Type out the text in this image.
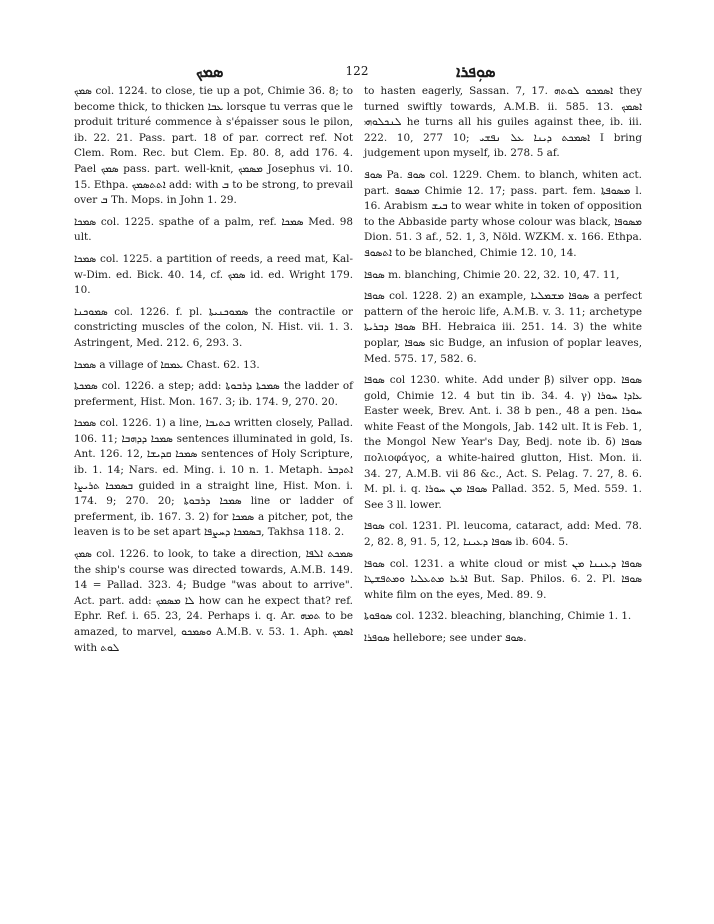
ܣܡܟ	122	ܣܘܼܦܪܐ

ܣܡܟ col. 1224. to close, tie up a pot, Chimie 36. 8; to become thick, to thicken ܥܒܐ lorsque tu verras que le produit trituré commence à s'épaisser sous le pilon, ib. 22. 21. Pass. part. 18 of par. correct ref. Not Clem. Rom. Rec. but Clem. Ep. 80. 8, add 176. 4. Pael ܣܡܟ pass. part. well-knit, ܡܣܡܟ Josephus vi. 10. 15. Ethpa. ܐܬܬܣܡܟ add: with ܒ to be strong, to prevail over ܒ Th. Mops. in John 1. 29.

ܣܡܟܐ col. 1225. spathe of a palm, ref. ܣܡܟܐ Med. 98 ult.

ܣܡܟܐ col. 1225. a partition of reeds, a reed mat, Kal-w-Dim. ed. Bick. 40. 14, cf. ܣܡܟ id. ed. Wright 179. 10.

ܣܡܘܟܢܐ col. 1226. f. pl. ܣܡܘܟܢܝܬܐ the contractile or constricting muscles of the colon, N. Hist. vii. 1. 3. Astringent, Med. 212. 6, 293. 3.

ܣܡܟܐ a village of ܥܡܩܐ Chast. 62. 13.

ܣܡܟܬܐ col. 1226. a step; add: ܣܡܟܬܐ ܕܪܒܘܬܐ the ladder of preferment, Hist. Mon. 167. 3; ib. 174. 9, 270. 20.

ܣܡܟܐ col. 1226. 1) a line, ܟܬܝܒܐ written closely, Pallad. 106. 11; ܣܡܟܐ ܕܕܗܒܐ sentences illuminated in gold, Is. Ant. 126. 12, ܣܡܟܐ ܩܕܝܫܐ sentences of Holy Scripture, ib. 1. 14; Nars. ed. Ming. i. 10 n. 1. Metaph. ܐܬܕܒܪ ܒܣܡܟܐ ܬܪܝܨܐ guided in a straight line, Hist. Mon. i. 174. 9; 270. 20; ܣܡܟܐ ܕܪܒܘܬܐ line or ladder of preferment, ib. 167. 3. 2) for ܣܡܟܐ a pitcher, pot, the leaven is to be set apart ܒܣܡܟܐ ܕܚܨܦܐ, Takhsa 118. 2.

ܣܡܟ col. 1226. to look, to take a direction, ܣܡܟܬ ܐܠܦܐ the ship's course was directed towards, A.M.B. 149. 14 = Pallad. 323. 4; Budge "was about to arrive". Act. part. add: ܠܐ ܡܣܡܟ how can he expect that? ref. Ephr. Ref. i. 65. 23, 24. Perhaps i. q. Ar. ܬܡܗ to be amazed, to marvel, ܘܣܡܟܘ A.M.B. v. 53. 1. Aph. ܐܣܡܟ with ܠܘܬ

to hasten eagerly, Sassan. 7, 17. ܐܣܡܟܘ ܠܘܬܗ they turned swiftly towards, A.M.B. ii. 585. 13. ܐܣܡܟ ܠܢܟܠܘܗܝ he turns all his guiles against thee, ib. iii. 222. 10, 277 10; ܐܣܡܟܬ ܕܝܢܐ ܥܠ ܢܦܫܝ I bring judgement upon myself, ib. 278. 5 af.

ܣܘܦ Pa. ܣܘܦ col. 1229. Chem. to blanch, whiten act. part. ܡܣܘܦ Chimie 12. 17; pass. part. fem. ܡܣܘܦܬܐ l. 16. Arabism ܒܝܫ to wear white in token of opposition to the Abbaside party whose colour was black, ܡܣܘܦܐ Dion. 51. 3 af., 52. 1, 3, Nöld. WZKM. x. 166. Ethpa. ܐܬܣܘܦ to be blanched, Chimie 12. 10, 14.

ܣܘܦܐ m. blanching, Chimie 20. 22, 32. 10, 47. 11,

ܣܘܦܐ col. 1228. 2) an example, ܣܘܦܐ ܡܫܡܠܝܐ a perfect pattern of the heroic life, A.M.B. v. 3. 11; archetype ܣܘܦܐ ܕܒܪܝܬܐ BH. Hebraica iii. 251. 14. 3) the white poplar, ܣܘܦܐ sic Budge, an infusion of poplar leaves, Med. 575. 17, 582. 6.

ܣܘܦܐ col 1230. white. Add under β) silver opp. ܣܘܦܐ gold, Chimie 12. 4 but tin ib. 34. 4. γ) ܥܐܕܐ ܚܘܪܐ Easter week, Brev. Ant. i. 38 b pen., 48 a pen. ܚܘܪܐ white Feast of the Mongols, Jab. 142 ult. It is Feb. 1, the Mongol New Year's Day, Bedj. note ib. δ) ܣܘܦܐ πολιοφάγος, a white-haired glutton, Hist. Mon. ii. 34. 27, A.M.B. vii 86 &c., Act. S. Pelag. 7. 27, 8. 6. M. pl. i. q. ܣܘܦܐ ܡܢ ܚܘܪܐ Pallad. 352. 5, Med. 559. 1. See 3 ll. lower.

ܣܘܦܐ col. 1231. Pl. leucoma, cataract, add: Med. 78. 2, 82. 8, 91. 5, 12, ܣܘܦܐ ܕܥܝܢܐ ib. 604. 5.

ܣܘܦܐ col. 1231. a white cloud or mist ܣܘܦܐ ܕܥܢܢܐ ܡܢ ܐܪܥܐ ܡܬܥܠܝܐ ܘܡܬܦܫܛܐ But. Sap. Philos. 6. 2. Pl. ܣܘܦܐ white film on the eyes, Med. 89. 9.

ܣܘܦܘܬܐ col. 1232. bleaching, blanching, Chimie 1. 1.

ܣܘܦܪܐ hellebore; see under ܣܘܦ.
